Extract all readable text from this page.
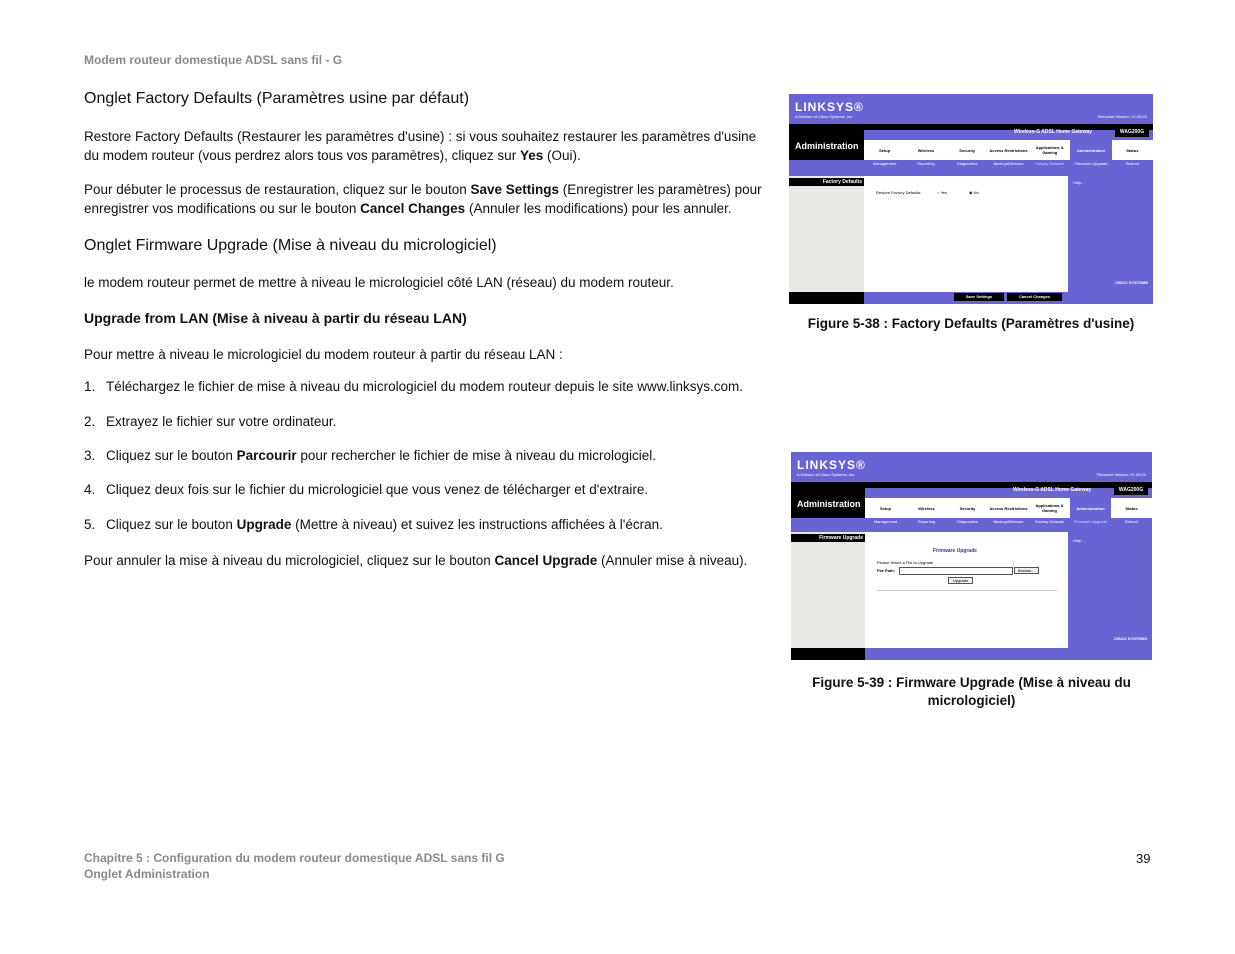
Modem routeur domestique ADSL sans fil - G
Onglet Factory Defaults (Paramètres usine par défaut)
Restore Factory Defaults (Restaurer les paramètres d'usine) : si vous souhaitez restaurer les paramètres d'usine
du modem routeur (vous perdrez alors tous vos paramètres), cliquez sur Yes (Oui).
Pour débuter le processus de restauration, cliquez sur le bouton Save Settings (Enregistrer les paramètres) pour
enregistrer vos modifications ou sur le bouton Cancel Changes (Annuler les modifications) pour les annuler.
Onglet Firmware Upgrade (Mise à niveau du micrologiciel)
le modem routeur permet de mettre à niveau le micrologiciel côté LAN (réseau) du modem routeur.
Upgrade from LAN (Mise à niveau à partir du réseau LAN)
Pour mettre à niveau le micrologiciel du modem routeur à partir du réseau LAN :
1. Téléchargez le fichier de mise à niveau du micrologiciel du modem routeur depuis le site www.linksys.com.
2. Extrayez le fichier sur votre ordinateur.
3. Cliquez sur le bouton Parcourir pour rechercher le fichier de mise à niveau du micrologiciel.
4. Cliquez deux fois sur le fichier du micrologiciel que vous venez de télécharger et d'extraire.
5. Cliquez sur le bouton Upgrade (Mettre à niveau) et suivez les instructions affichées à l'écran.
Pour annuler la mise à niveau du micrologiciel, cliquez sur le bouton Cancel Upgrade (Annuler mise à niveau).
LINKSYS®
A Division of Cisco Systems, Inc.	Firmware Version: V1.00.00
Administration
Wireless-G ADSL Home Gateway	WAG200G
Setup	Wireless	Security	Access Restrictions	Applications & Gaming	Administration	Status
Management	Reporting	Diagnostics	Backup&Restore	Factory Defaults	Firmware Upgrade	Reboot
Factory Defaults
Restore Factory Defaults:	○ Yes	◉ No
Help...
CISCO SYSTEMS
Save Settings	Cancel Changes
Figure 5-38 : Factory Defaults (Paramètres d'usine)
LINKSYS®
A Division of Cisco Systems, Inc.	Firmware Version: V1.00.00
Administration
Wireless-G ADSL Home Gateway	WAG200G
Setup	Wireless	Security	Access Restrictions	Applications & Gaming	Administration	Status
Management	Reporting	Diagnostics	Backup&Restore	Factory Defaults	Firmware Upgrade	Reboot
Firmware Upgrade
Firmware Upgrade
Please Select a File to Upgrade
File Path:	Browse...
Upgrade
Help...
CISCO SYSTEMS
Figure 5-39 : Firmware Upgrade (Mise à niveau du
micrologiciel)
Chapitre 5 : Configuration du modem routeur domestique ADSL sans fil G
Onglet Administration
39
